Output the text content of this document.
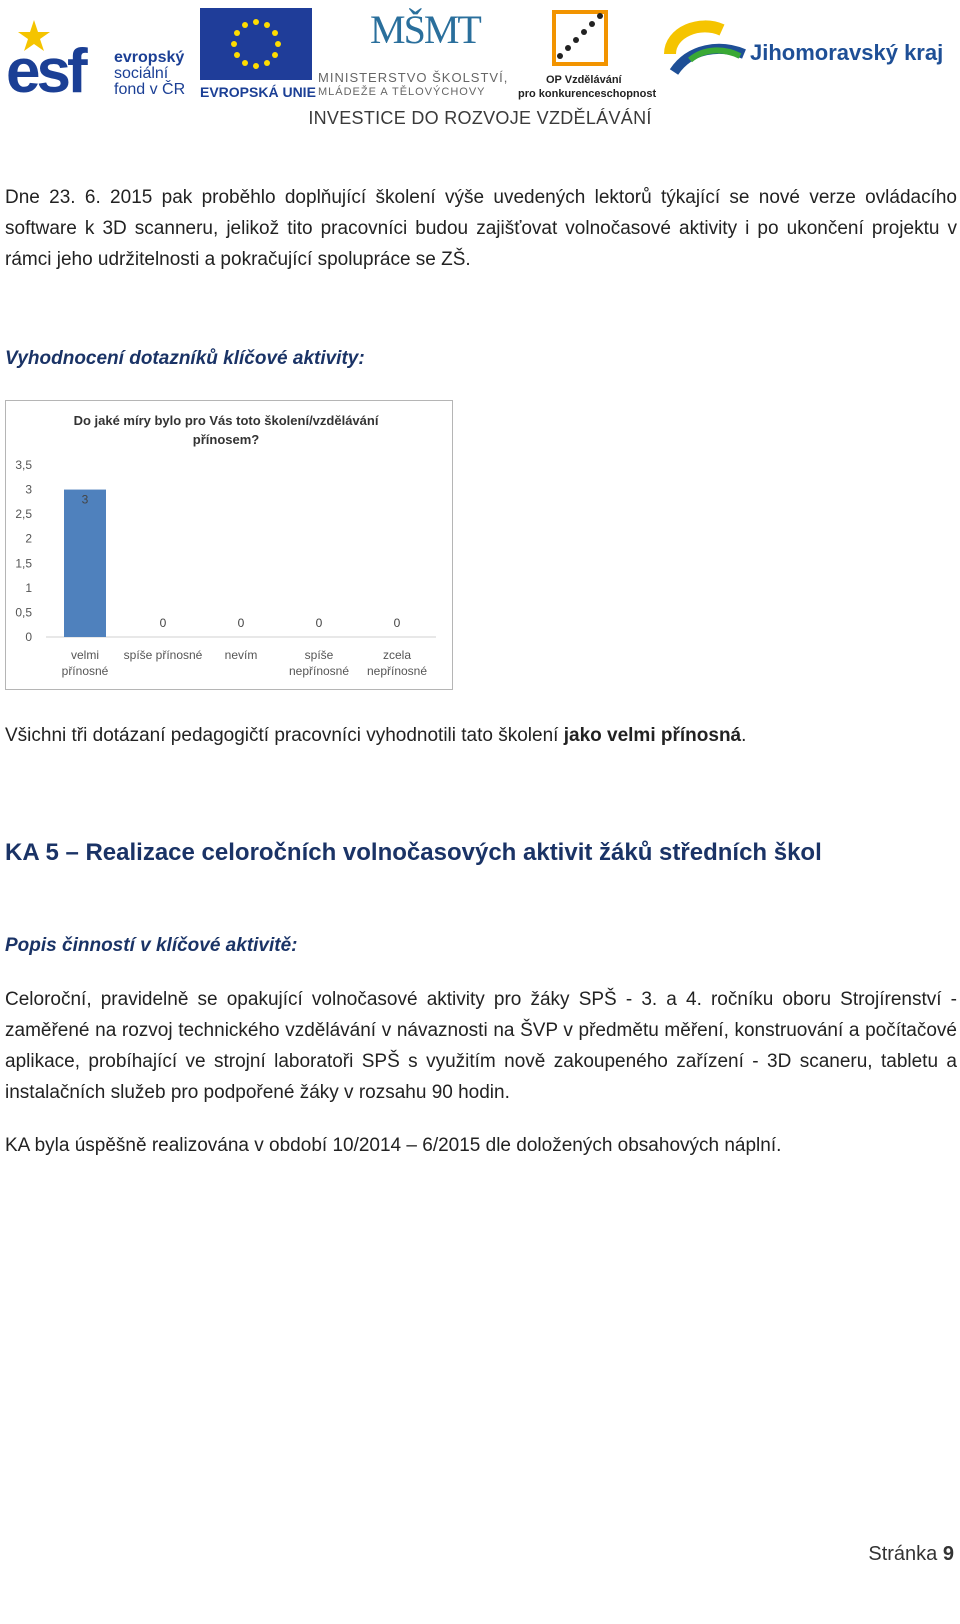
esf evropský
sociální
fond v ČR EVROPSKÁ UNIE
MŠMT
MINISTERSTVO ŠKOLSTVÍ,
MLÁDEŽE A TĚLOVÝCHOVY
OP Vzdělávání
pro konkurenceschopnost
Jihomoravský kraj
INVESTICE DO ROZVOJE VZDĚLÁVÁNÍ
Dne 23. 6. 2015 pak proběhlo doplňující školení výše uvedených lektorů týkající se nové verze ovládacího software k 3D scanneru, jelikož tito pracovníci budou zajišťovat volnočasové aktivity i po ukončení projektu v rámci jeho udržitelnosti a pokračující spolupráce se ZŠ.
Vyhodnocení dotazníků klíčové aktivity:
Do jaké míry bylo pro Vás toto školení/vzdělávání přínosem?
0
0,5
1
1,5
2
2,5
3
3,5
3
velmi
přínosné
0
spíše přínosné
0
nevím
0
spíše
nepřínosné
0
zcela
nepřínosné
Všichni tři dotázaní pedagogičtí pracovníci vyhodnotili tato školení jako velmi přínosná.
KA 5 – Realizace celoročních volnočasových aktivit žáků středních škol
Popis činností v klíčové aktivitě:
Celoroční, pravidelně se opakující volnočasové aktivity pro žáky SPŠ - 3. a 4. ročníku oboru Strojírenství - zaměřené na rozvoj technického vzdělávání v návaznosti na ŠVP v předmětu měření, konstruování a počítačové aplikace, probíhající ve strojní laboratoři SPŠ s využitím nově zakoupeného zařízení - 3D scaneru, tabletu a instalačních služeb pro podpořené žáky v rozsahu 90 hodin.
KA byla úspěšně realizována v období 10/2014 – 6/2015 dle doložených obsahových náplní.
Stránka 9
